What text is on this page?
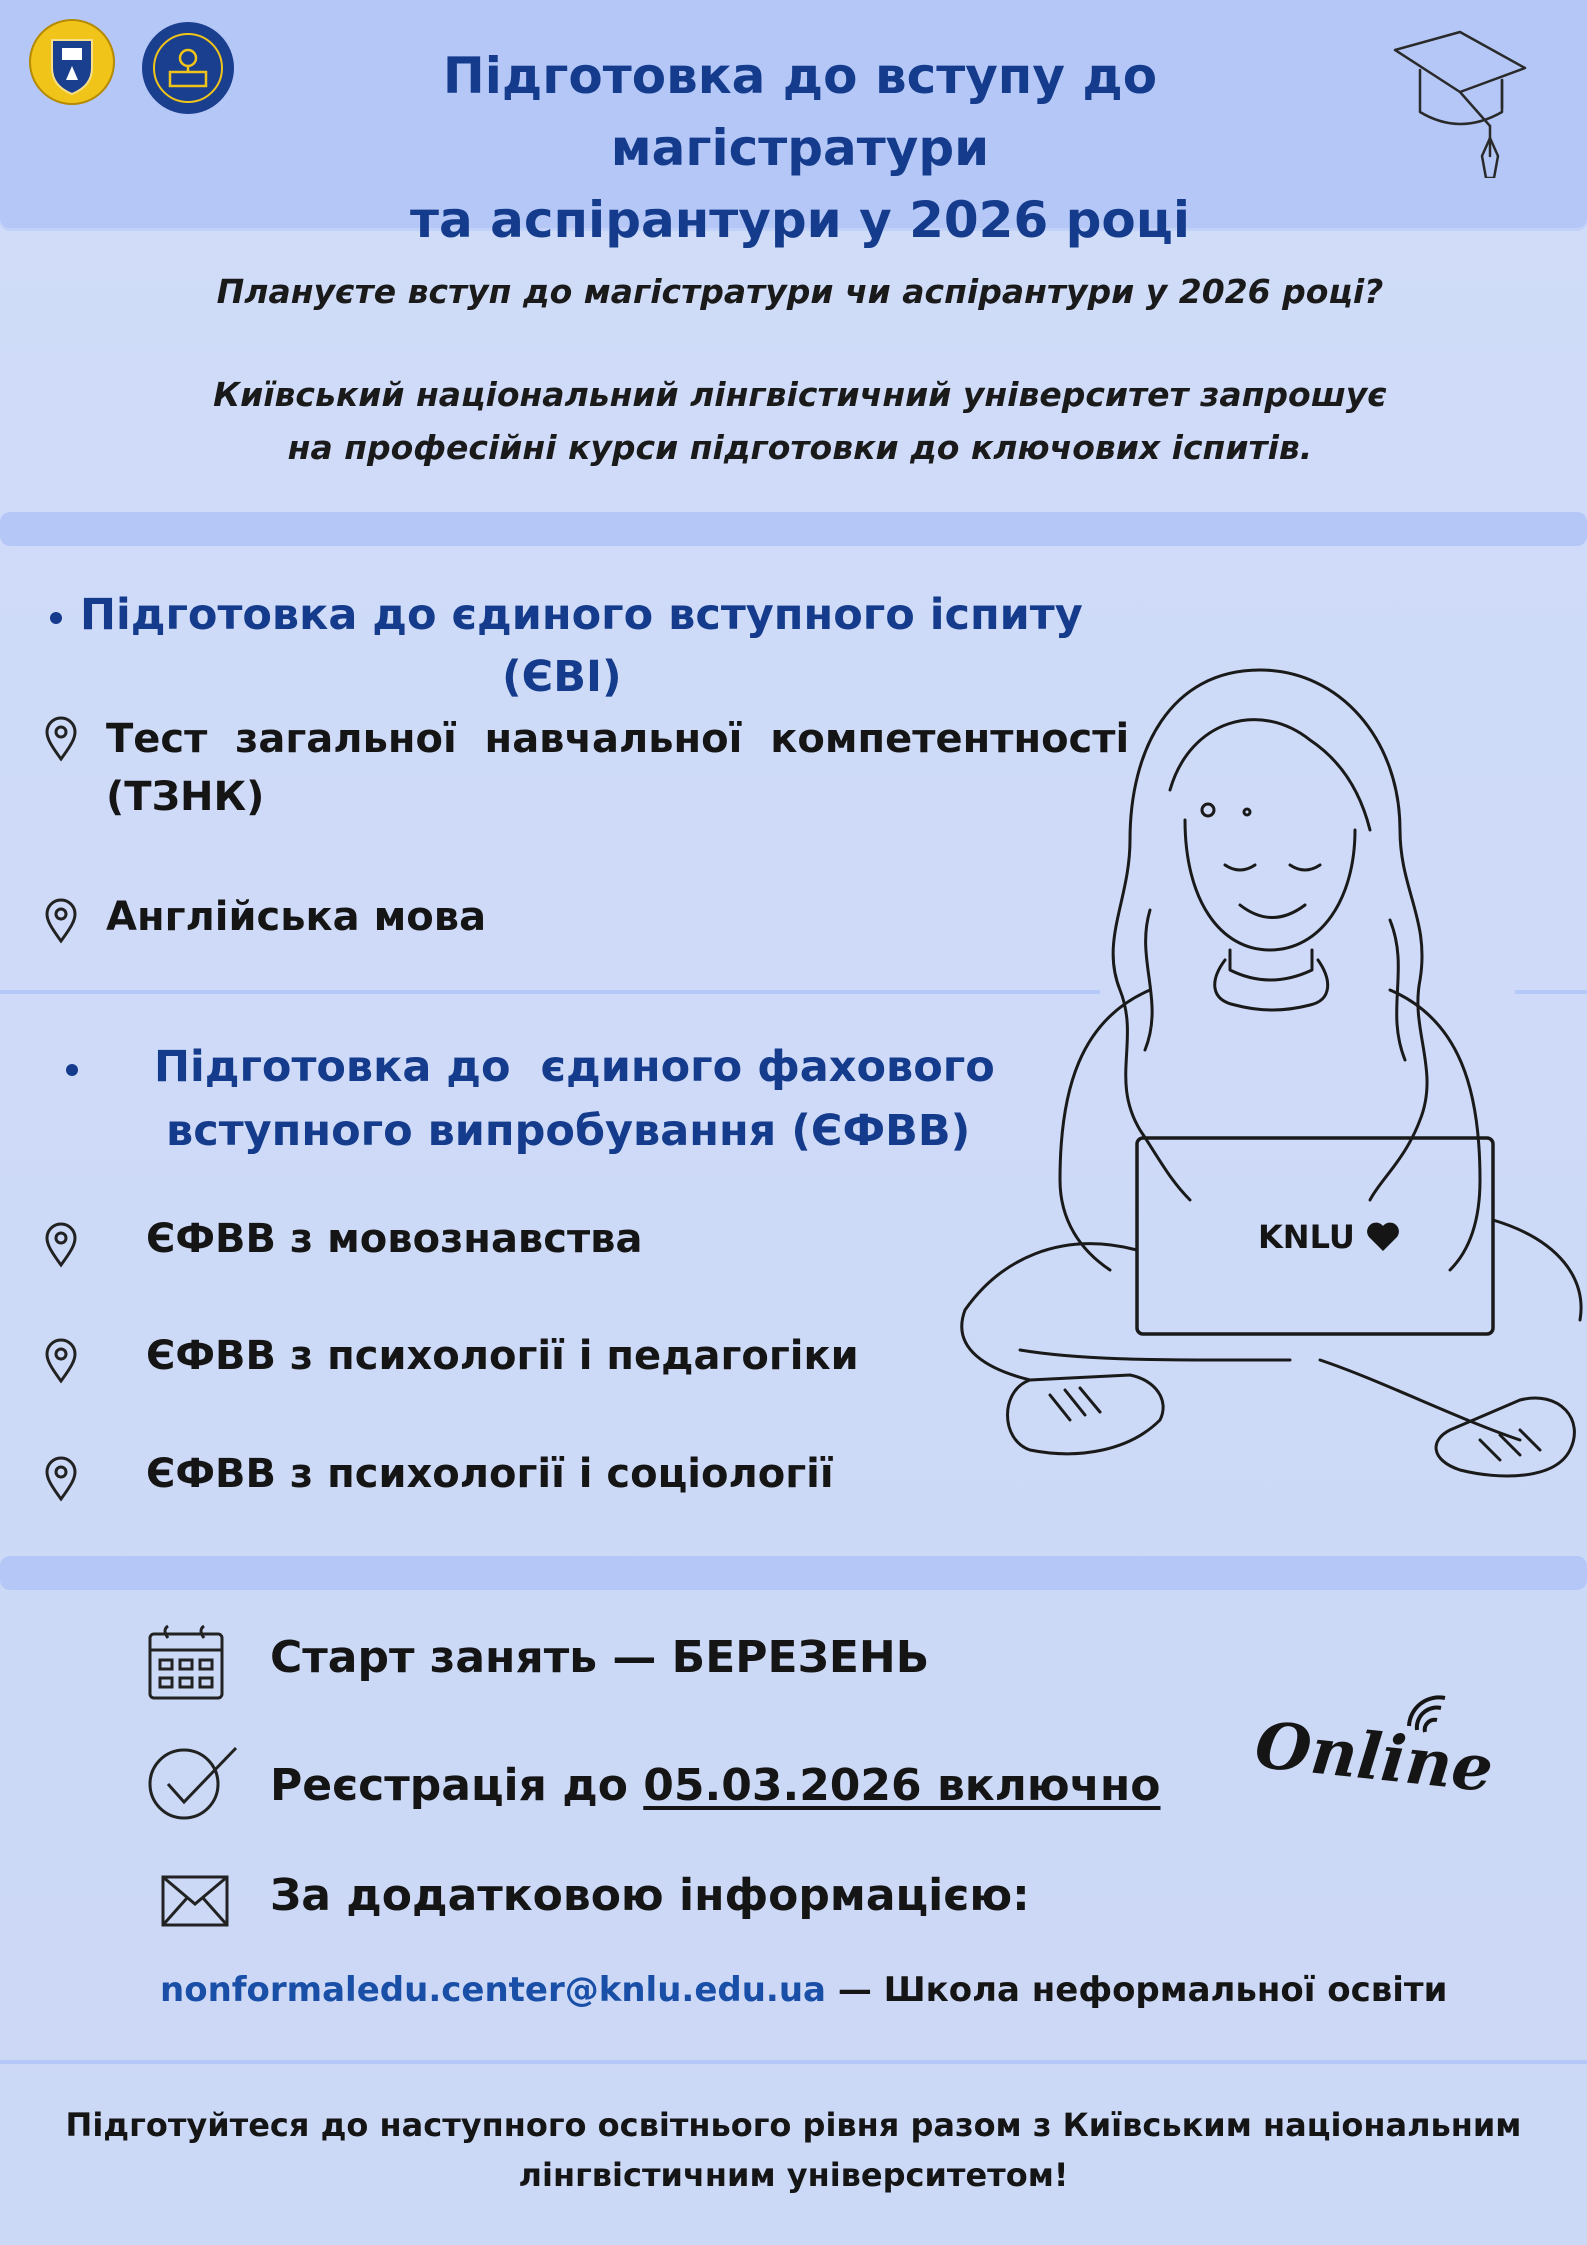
Підготовка до вступу до магістратури
та аспірантури у 2026 році
Плануєте вступ до магістратури чи аспірантури у 2026 році?
Київський національний лінгвістичний університет запрошує
на професійні курси підготовки до ключових іспитів.
Підготовка до єдиного вступного іспиту
(ЄВІ)
Тест  загальної  навчальної  компетентності
(ТЗНК)
Англійська мова
Підготовка до  єдиного фахового
вступного випробування (ЄФВВ)
ЄФВВ з мовознавства
ЄФВВ з психології і педагогіки
ЄФВВ з психології і соціології
KNLU
Старт занять — БЕРЕЗЕНЬ
Реєстрація до 05.03.2026 включно
За додатковою інформацією:
nonformaledu.center@knlu.edu.ua — Школа неформальної освіти
Online
Підготуйтеся до наступного освітнього рівня разом з Київським національним
лінгвістичним університетом!
